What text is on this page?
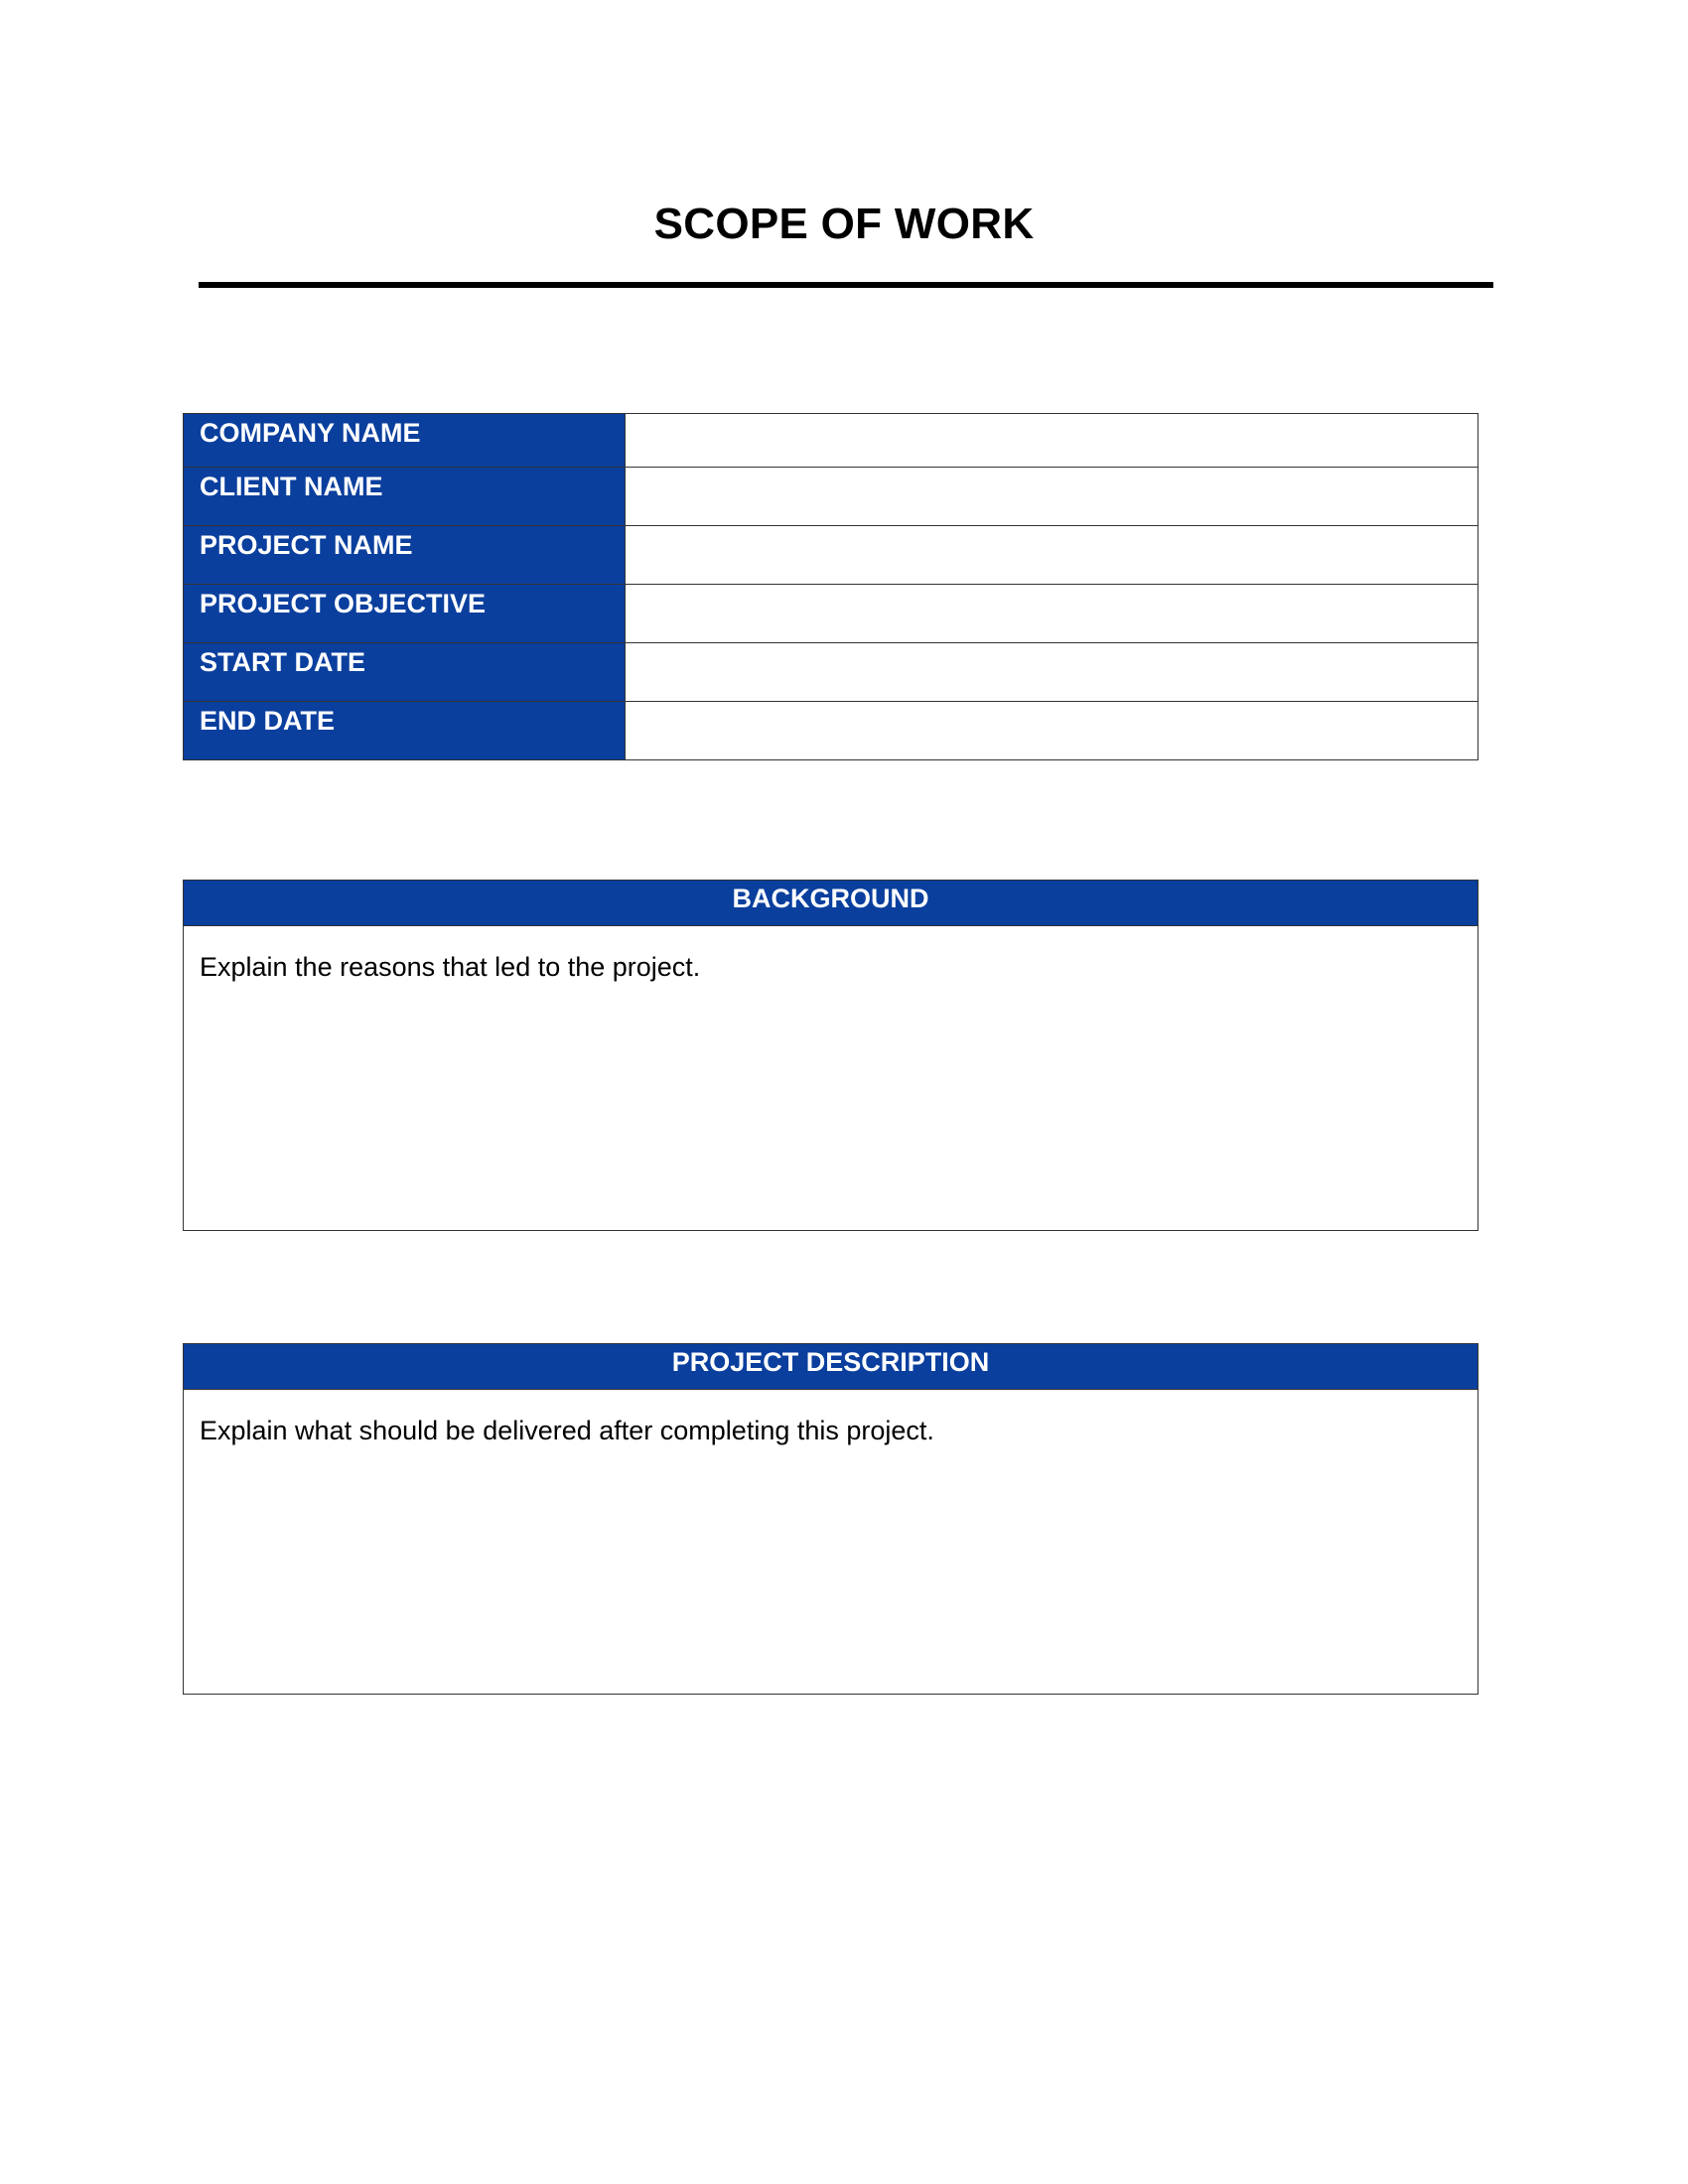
SCOPE OF WORK
COMPANY NAME	
CLIENT NAME	
PROJECT NAME	
PROJECT OBJECTIVE	
START DATE	
END DATE	
BACKGROUND
Explain the reasons that led to the project.
PROJECT DESCRIPTION
Explain what should be delivered after completing this project.
